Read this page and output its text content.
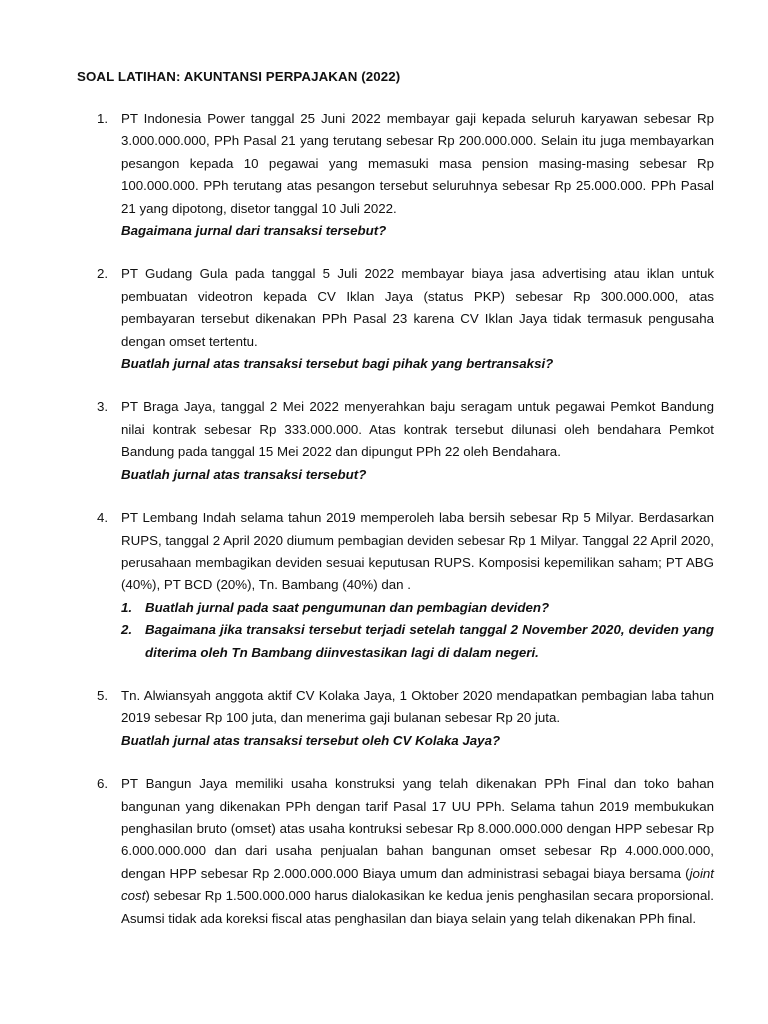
SOAL LATIHAN: AKUNTANSI PERPAJAKAN (2022)
1. PT Indonesia Power tanggal 25 Juni 2022 membayar gaji kepada seluruh karyawan sebesar Rp 3.000.000.000, PPh Pasal 21 yang terutang sebesar Rp 200.000.000. Selain itu juga membayarkan pesangon kepada 10 pegawai yang memasuki masa pension masing-masing sebesar Rp 100.000.000. PPh terutang atas pesangon tersebut seluruhnya sebesar Rp 25.000.000. PPh Pasal 21 yang dipotong, disetor tanggal 10 Juli 2022.

Bagaimana jurnal dari transaksi tersebut?

2. PT Gudang Gula pada tanggal 5 Juli 2022 membayar biaya jasa advertising atau iklan untuk pembuatan videotron kepada CV Iklan Jaya (status PKP) sebesar Rp 300.000.000, atas pembayaran tersebut dikenakan PPh Pasal 23 karena CV Iklan Jaya tidak termasuk pengusaha dengan omset tertentu.

Buatlah jurnal atas transaksi tersebut bagi pihak yang bertransaksi?

3. PT Braga Jaya, tanggal 2 Mei 2022 menyerahkan baju seragam untuk pegawai Pemkot Bandung nilai kontrak sebesar Rp 333.000.000. Atas kontrak tersebut dilunasi oleh bendahara Pemkot Bandung pada tanggal 15 Mei 2022 dan dipungut PPh 22 oleh Bendahara.

Buatlah jurnal atas transaksi tersebut?

4. PT Lembang Indah selama tahun 2019 memperoleh laba bersih sebesar Rp 5 Milyar. Berdasarkan RUPS, tanggal 2 April 2020 diumum pembagian deviden sebesar Rp 1 Milyar. Tanggal 22 April 2020, perusahaan membagikan deviden sesuai keputusan RUPS. Komposisi kepemilikan saham; PT ABG (40%), PT BCD (20%), Tn. Bambang (40%) dan .

1. Buatlah jurnal pada saat pengumunan dan pembagian deviden?
2. Bagaimana jika transaksi tersebut terjadi setelah tanggal 2 November 2020, deviden yang diterima oleh Tn Bambang diinvestasikan lagi di dalam negeri.
5. Tn. Alwiansyah anggota aktif CV Kolaka Jaya, 1 Oktober 2020 mendapatkan pembagian laba tahun 2019 sebesar Rp 100 juta, dan menerima gaji bulanan sebesar Rp 20 juta.

Buatlah jurnal atas transaksi tersebut oleh CV Kolaka Jaya?

6. PT Bangun Jaya memiliki usaha konstruksi yang telah dikenakan PPh Final dan toko bahan bangunan yang dikenakan PPh dengan tarif Pasal 17 UU PPh. Selama tahun 2019 membukukan penghasilan bruto (omset) atas usaha kontruksi sebesar Rp 8.000.000.000 dengan HPP sebesar Rp 6.000.000.000 dan dari usaha penjualan bahan bangunan omset sebesar Rp 4.000.000.000, dengan HPP sebesar Rp 2.000.000.000 Biaya umum dan administrasi sebagai biaya bersama (joint cost) sebesar Rp 1.500.000.000 harus dialokasikan ke kedua jenis penghasilan secara proporsional. Asumsi tidak ada koreksi fiscal atas penghasilan dan biaya selain yang telah dikenakan PPh final.
